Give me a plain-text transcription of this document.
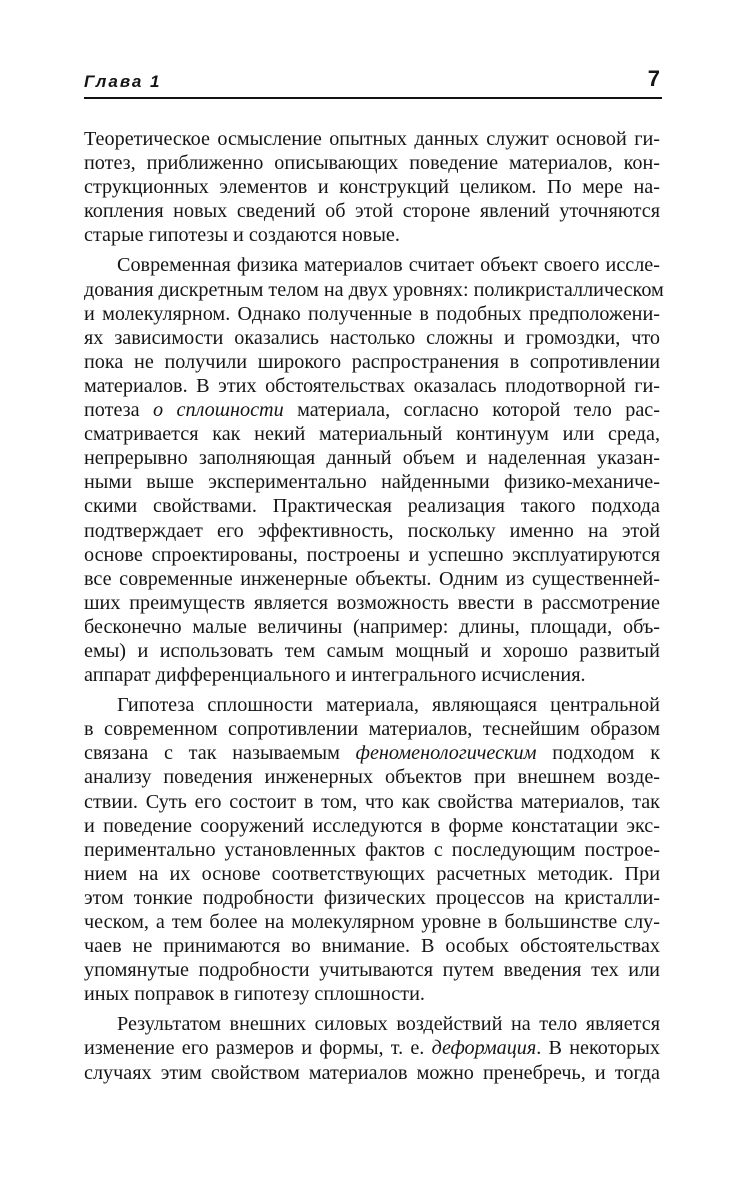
Глава 1	7
Теоретическое осмысление опытных данных служит основой ги-
потез, приближенно описывающих поведение материалов, кон-
струкционных элементов и конструкций целиком. По мере на-
копления новых сведений об этой стороне явлений уточняются
старые гипотезы и создаются новые.
Современная физика материалов считает объект своего иссле-
дования дискретным телом на двух уровнях: поликристаллическом
и молекулярном. Однако полученные в подобных предположени-
ях зависимости оказались настолько сложны и громоздки, что
пока не получили широкого распространения в сопротивлении
материалов. В этих обстоятельствах оказалась плодотворной ги-
потеза о сплошности материала, согласно которой тело рас-
сматривается как некий материальный континуум или среда,
непрерывно заполняющая данный объем и наделенная указан-
ными выше экспериментально найденными физико-механиче-
скими свойствами. Практическая реализация такого подхода
подтверждает его эффективность, поскольку именно на этой
основе спроектированы, построены и успешно эксплуатируются
все современные инженерные объекты. Одним из существенней-
ших преимуществ является возможность ввести в рассмотрение
бесконечно малые величины (например: длины, площади, объ-
емы) и использовать тем самым мощный и хорошо развитый
аппарат дифференциального и интегрального исчисления.
Гипотеза сплошности материала, являющаяся центральной
в современном сопротивлении материалов, теснейшим образом
связана с так называемым феноменологическим подходом к
анализу поведения инженерных объектов при внешнем возде-
ствии. Суть его состоит в том, что как свойства материалов, так
и поведение сооружений исследуются в форме констатации экс-
периментально установленных фактов с последующим построе-
нием на их основе соответствующих расчетных методик. При
этом тонкие подробности физических процессов на кристалли-
ческом, а тем более на молекулярном уровне в большинстве слу-
чаев не принимаются во внимание. В особых обстоятельствах
упомянутые подробности учитываются путем введения тех или
иных поправок в гипотезу сплошности.
Результатом внешних силовых воздействий на тело является
изменение его размеров и формы, т. е. деформация. В некоторых
случаях этим свойством материалов можно пренебречь, и тогда
